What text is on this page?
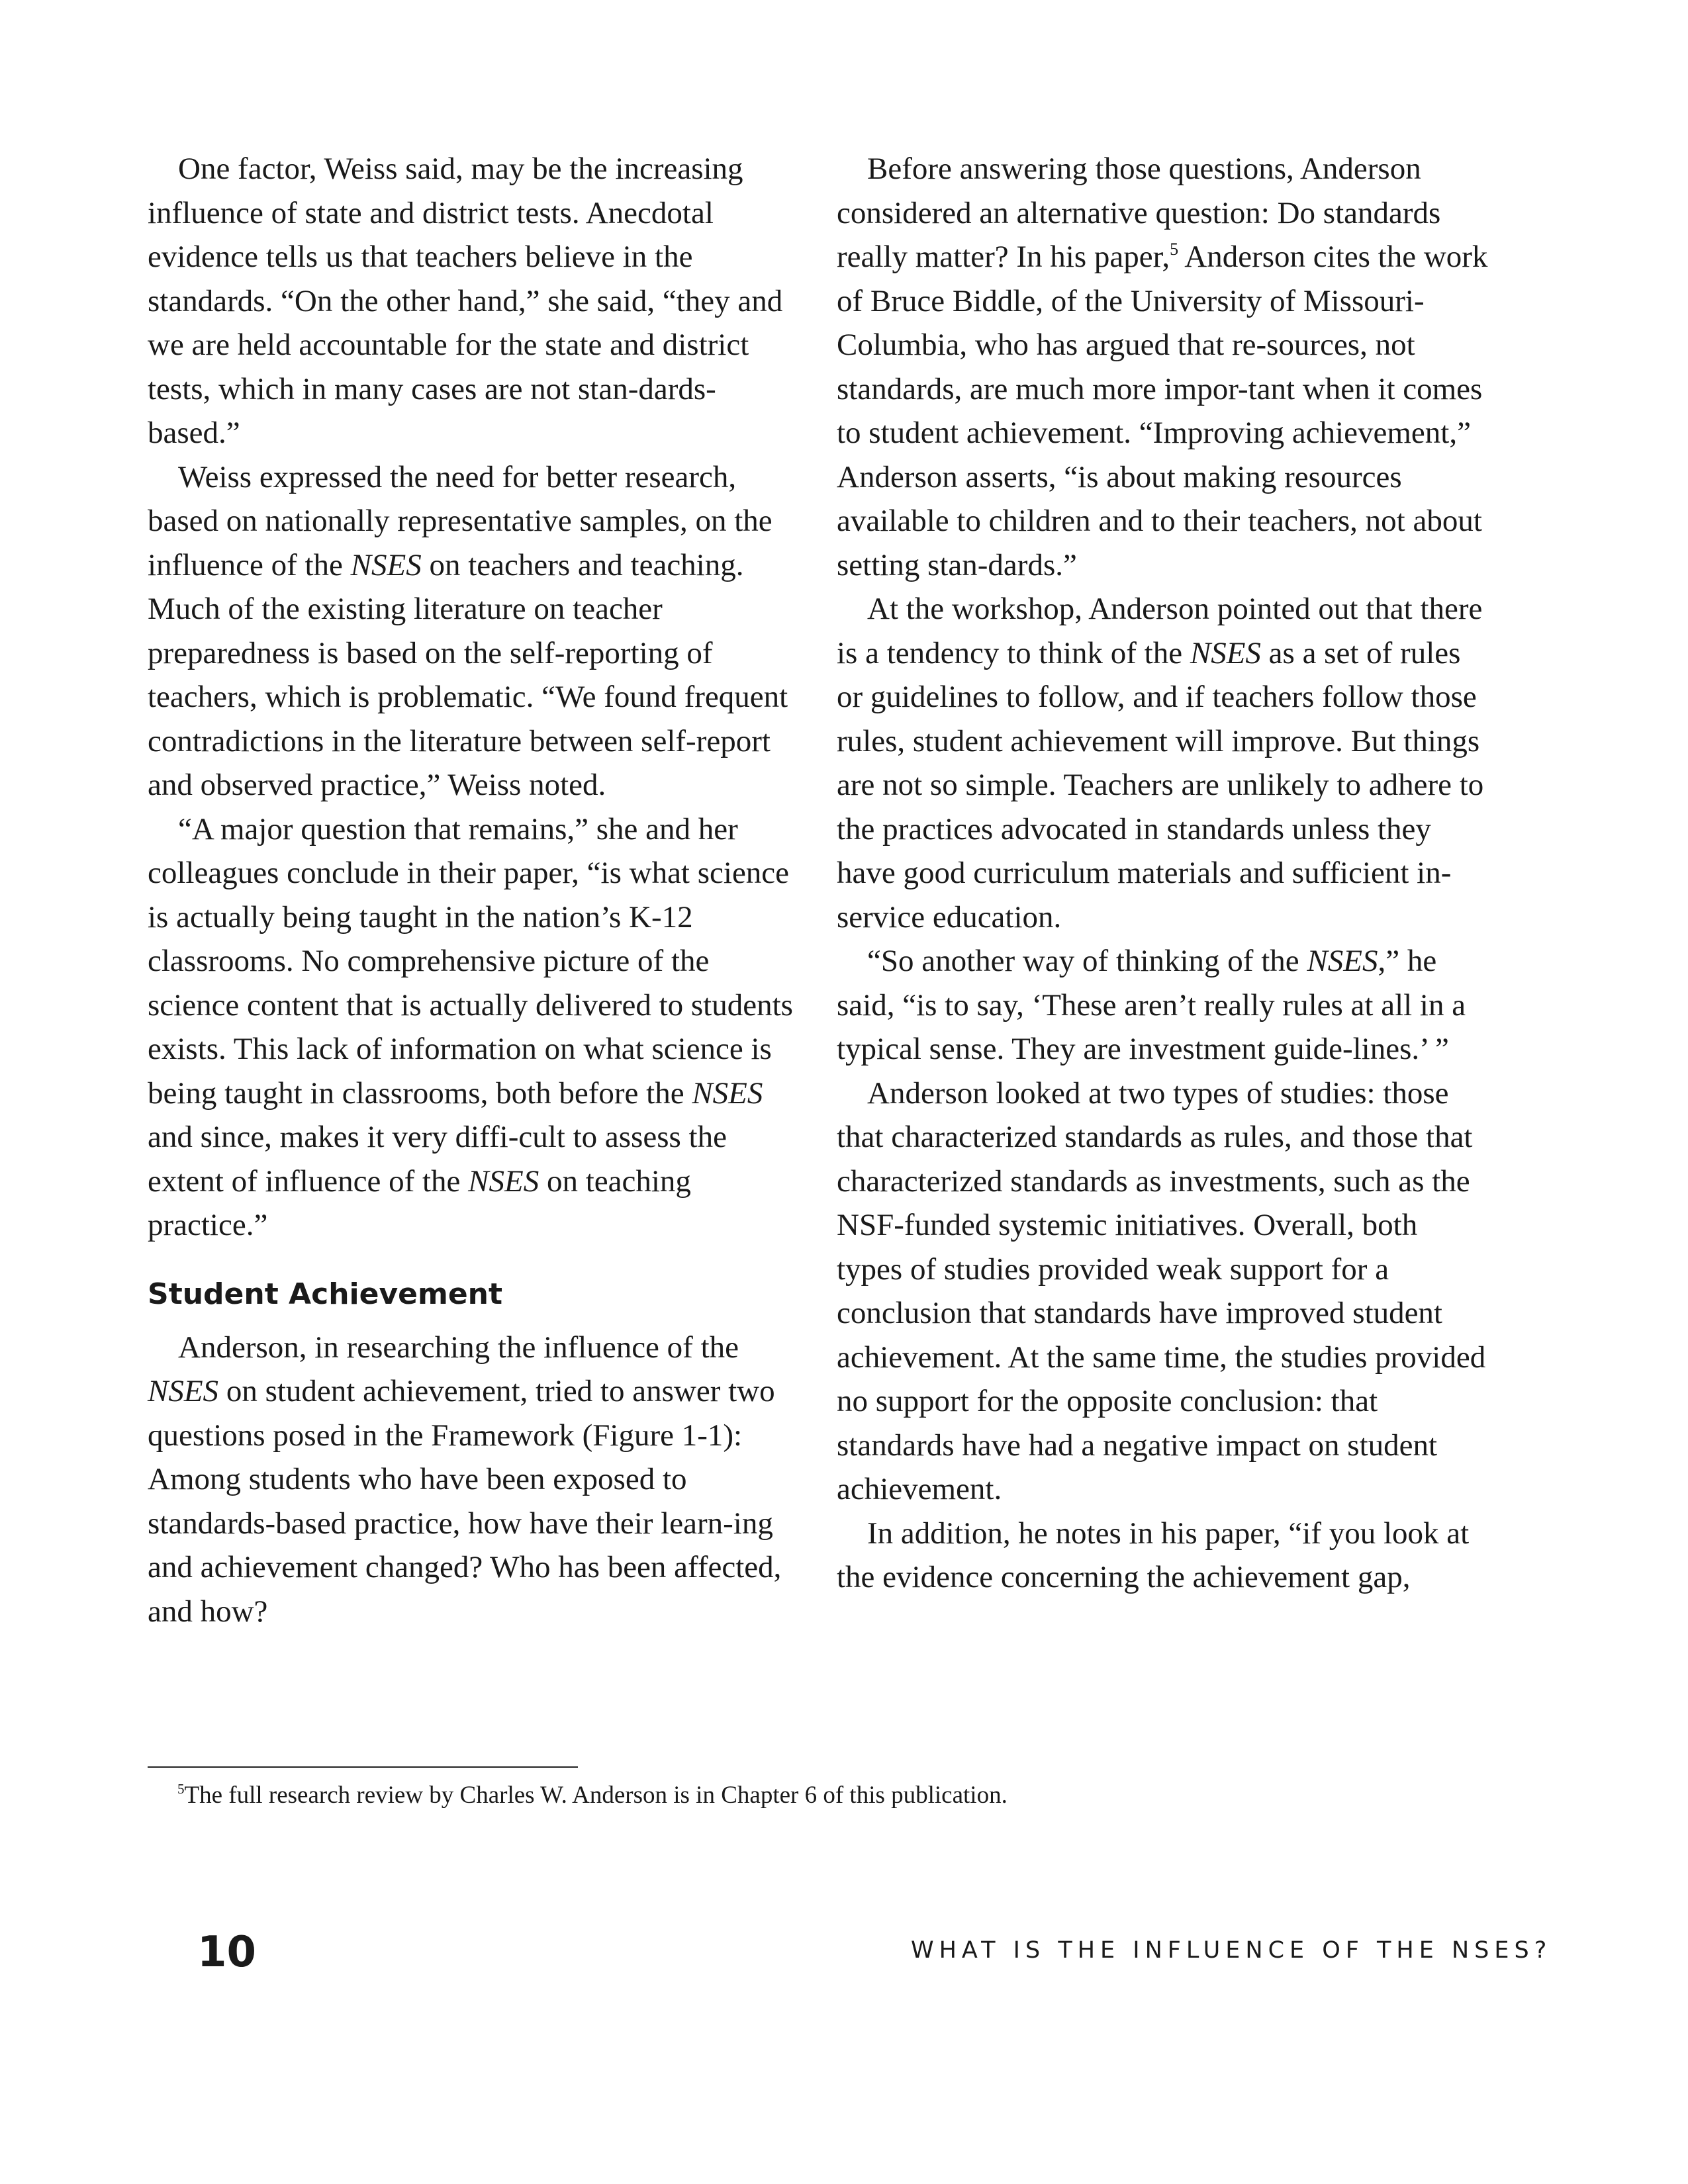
One factor, Weiss said, may be the increasing influence of state and district tests. Anecdotal evidence tells us that teachers believe in the standards. “On the other hand,” she said, “they and we are held accountable for the state and district tests, which in many cases are not stan-dards-based.”

Weiss expressed the need for better research, based on nationally representative samples, on the influence of the NSES on teachers and teaching. Much of the existing literature on teacher preparedness is based on the self-reporting of teachers, which is problematic. “We found frequent contradictions in the literature between self-report and observed practice,” Weiss noted.

“A major question that remains,” she and her colleagues conclude in their paper, “is what science is actually being taught in the nation’s K-12 classrooms. No comprehensive picture of the science content that is actually delivered to students exists. This lack of information on what science is being taught in classrooms, both before the NSES and since, makes it very diffi-cult to assess the extent of influence of the NSES on teaching practice.”

Student Achievement

Anderson, in researching the influence of the NSES on student achievement, tried to answer two questions posed in the Framework (Figure 1-1): Among students who have been exposed to standards-based practice, how have their learn-ing and achievement changed? Who has been affected, and how?

Before answering those questions, Anderson considered an alternative question: Do standards really matter? In his paper,$^5$ Anderson cites the work of Bruce Biddle, of the University of Missouri-Columbia, who has argued that re-sources, not standards, are much more impor-tant when it comes to student achievement. “Improving achievement,” Anderson asserts, “is about making resources available to children and to their teachers, not about setting stan-dards.”

At the workshop, Anderson pointed out that there is a tendency to think of the NSES as a set of rules or guidelines to follow, and if teachers follow those rules, student achievement will improve. But things are not so simple. Teachers are unlikely to adhere to the practices advocated in standards unless they have good curriculum materials and sufficient in-service education.

“So another way of thinking of the NSES,” he said, “is to say, ‘These aren’t really rules at all in a typical sense. They are investment guide-lines.’ ”

Anderson looked at two types of studies: those that characterized standards as rules, and those that characterized standards as investments, such as the NSF-funded systemic initiatives. Overall, both types of studies provided weak support for a conclusion that standards have improved student achievement. At the same time, the studies provided no support for the opposite conclusion: that standards have had a negative impact on student achievement.

In addition, he notes in his paper, “if you look at the evidence concerning the achievement gap,

$^5$The full research review by Charles W. Anderson is in Chapter 6 of this publication.
10	WHAT IS THE INFLUENCE OF THE NSES?
